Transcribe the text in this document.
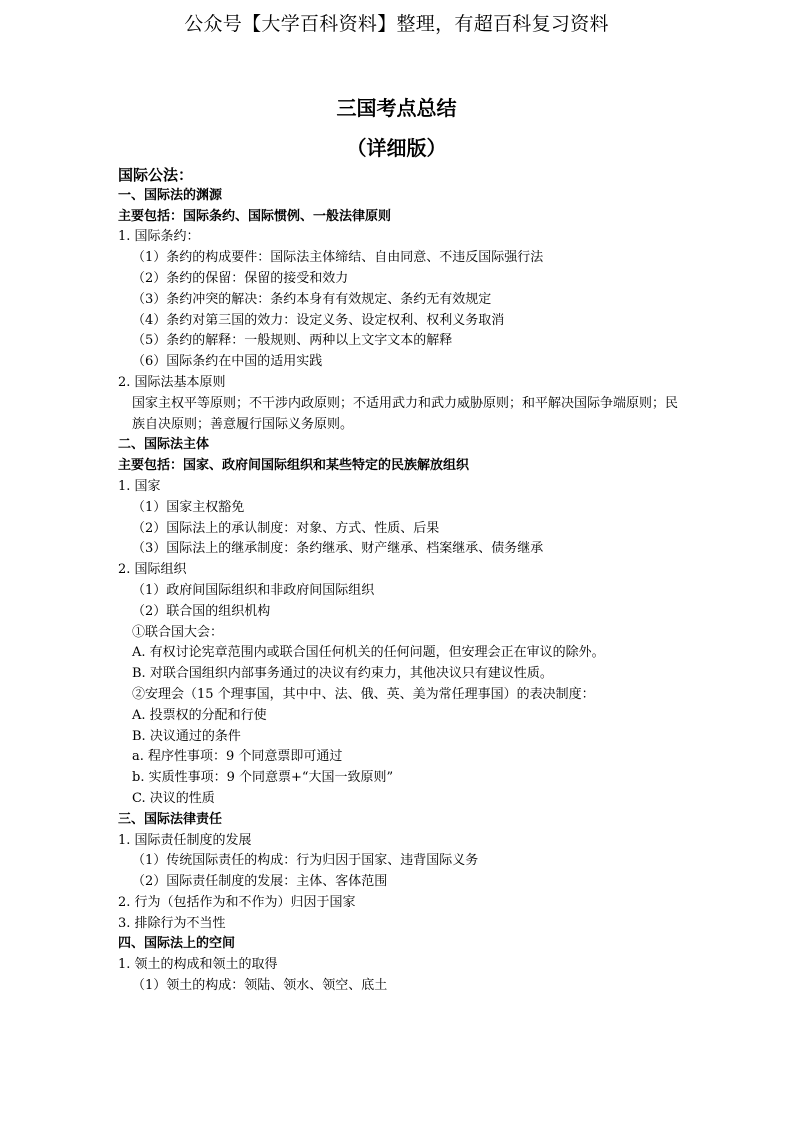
公众号【大学百科资料】整理，有超百科复习资料
三国考点总结
（详细版）
国际公法：
一、国际法的渊源
主要包括：国际条约、国际惯例、一般法律原则
1. 国际条约：
（1）条约的构成要件：国际法主体缔结、自由同意、不违反国际强行法
（2）条约的保留：保留的接受和效力
（3）条约冲突的解决：条约本身有有效规定、条约无有效规定
（4）条约对第三国的效力：设定义务、设定权利、权利义务取消
（5）条约的解释：一般规则、两种以上文字文本的解释
（6）国际条约在中国的适用实践
2. 国际法基本原则
国家主权平等原则；不干涉内政原则；不适用武力和武力威胁原则；和平解决国际争端原则；民族自决原则；善意履行国际义务原则。
二、国际法主体
主要包括：国家、政府间国际组织和某些特定的民族解放组织
1. 国家
（1）国家主权豁免
（2）国际法上的承认制度：对象、方式、性质、后果
（3）国际法上的继承制度：条约继承、财产继承、档案继承、债务继承
2. 国际组织
（1）政府间国际组织和非政府间国际组织
（2）联合国的组织机构
①联合国大会：
A. 有权讨论宪章范围内或联合国任何机关的任何问题，但安理会正在审议的除外。
B. 对联合国组织内部事务通过的决议有约束力，其他决议只有建议性质。
②安理会（15 个理事国，其中中、法、俄、英、美为常任理事国）的表决制度：
A. 投票权的分配和行使
B. 决议通过的条件
a. 程序性事项：9 个同意票即可通过
b. 实质性事项：9 个同意票+“大国一致原则”
C. 决议的性质
三、国际法律责任
1. 国际责任制度的发展
（1）传统国际责任的构成：行为归因于国家、违背国际义务
（2）国际责任制度的发展：主体、客体范围
2. 行为（包括作为和不作为）归因于国家
3. 排除行为不当性
四、国际法上的空间
1. 领土的构成和领土的取得
（1）领土的构成：领陆、领水、领空、底土
